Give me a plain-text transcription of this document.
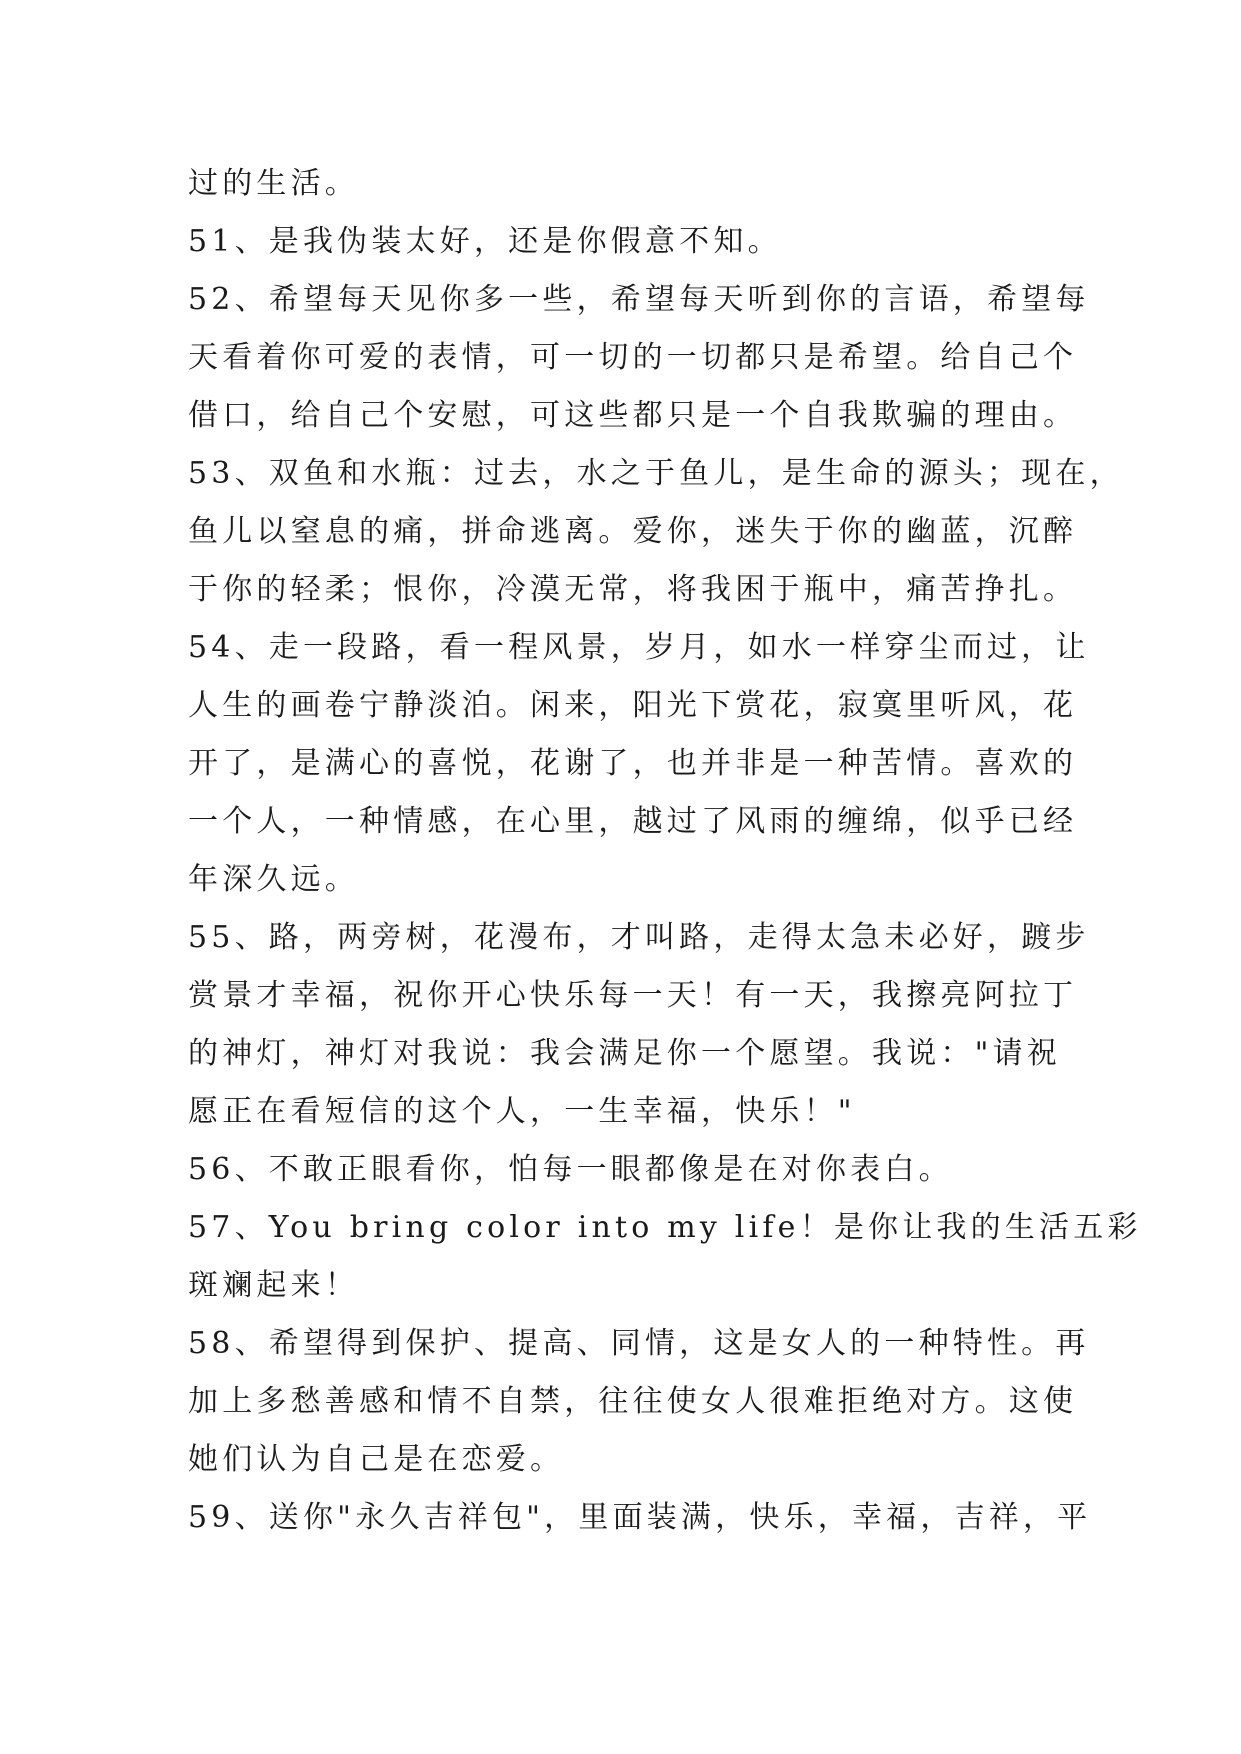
过的生活。
51、是我伪装太好，还是你假意不知。
52、希望每天见你多一些，希望每天听到你的言语，希望每
天看着你可爱的表情，可一切的一切都只是希望。给自己个
借口，给自己个安慰，可这些都只是一个自我欺骗的理由。
53、双鱼和水瓶：过去，水之于鱼儿，是生命的源头；现在，
鱼儿以窒息的痛，拼命逃离。爱你，迷失于你的幽蓝，沉醉
于你的轻柔；恨你，冷漠无常，将我困于瓶中，痛苦挣扎。
54、走一段路，看一程风景，岁月，如水一样穿尘而过，让
人生的画卷宁静淡泊。闲来，阳光下赏花，寂寞里听风，花
开了，是满心的喜悦，花谢了，也并非是一种苦情。喜欢的
一个人，一种情感，在心里，越过了风雨的缠绵，似乎已经
年深久远。
55、路，两旁树，花漫布，才叫路，走得太急未必好，踱步
赏景才幸福，祝你开心快乐每一天！有一天，我擦亮阿拉丁
的神灯，神灯对我说：我会满足你一个愿望。我说："请祝
愿正在看短信的这个人，一生幸福，快乐！"
56、不敢正眼看你，怕每一眼都像是在对你表白。
57、You bring color into my life！是你让我的生活五彩
斑斓起来！
58、希望得到保护、提高、同情，这是女人的一种特性。再
加上多愁善感和情不自禁，往往使女人很难拒绝对方。这使
她们认为自己是在恋爱。
59、送你"永久吉祥包"，里面装满，快乐，幸福，吉祥，平
